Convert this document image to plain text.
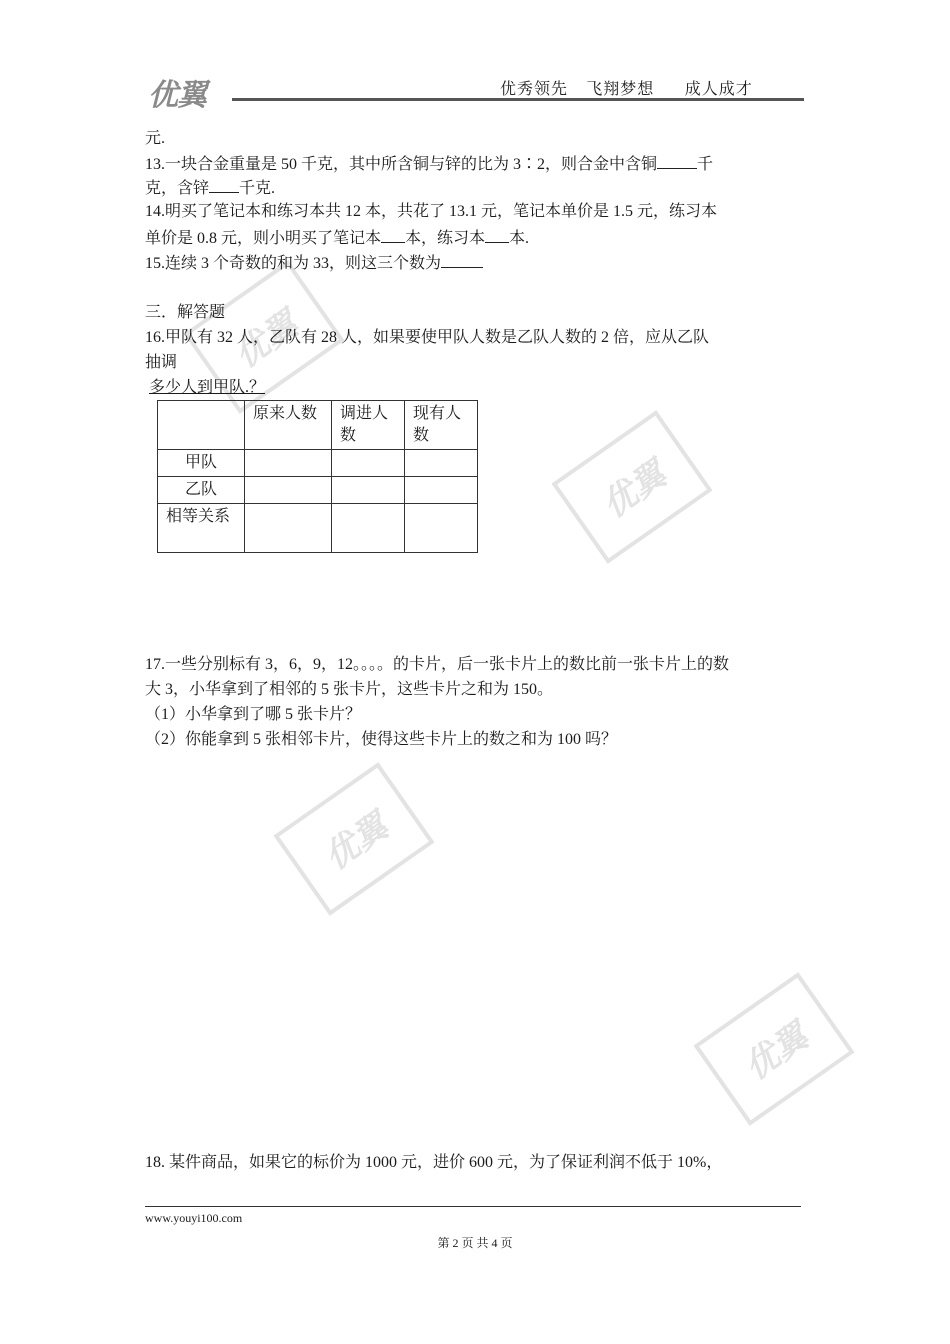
优翼	优秀领先   飞翔梦想     成人成才
优翼
优翼
优翼
优翼
元.
13.一块合金重量是 50 千克，其中所含铜与锌的比为 3∶2，则合金中含铜	千
克，含锌 千克.
14.明买了笔记本和练习本共 12 本，共花了 13.1 元，笔记本单价是 1.5 元，练习本
单价是 0.8 元，则小明买了笔记本 本，练习本 本.
15.连续 3 个奇数的和为 33，则这三个数为
三．解答题
16.甲队有 32 人，乙队有 28 人，如果要使甲队人数是乙队人数的 2 倍，应从乙队
抽调
多少人到甲队.？
	原来人数	调进人数	现有人数
甲队			
乙队			
相等关系			
17.一些分别标有 3，6，9，12。。。。的卡片，后一张卡片上的数比前一张卡片上的数
大 3，小华拿到了相邻的 5 张卡片，这些卡片之和为 150。
（1）小华拿到了哪 5 张卡片？
（2）你能拿到 5 张相邻卡片，使得这些卡片上的数之和为 100 吗？
18. 某件商品，如果它的标价为 1000 元，进价 600 元，为了保证利润不低于 10%，
www.youyi100.com
第 2 页 共 4 页
